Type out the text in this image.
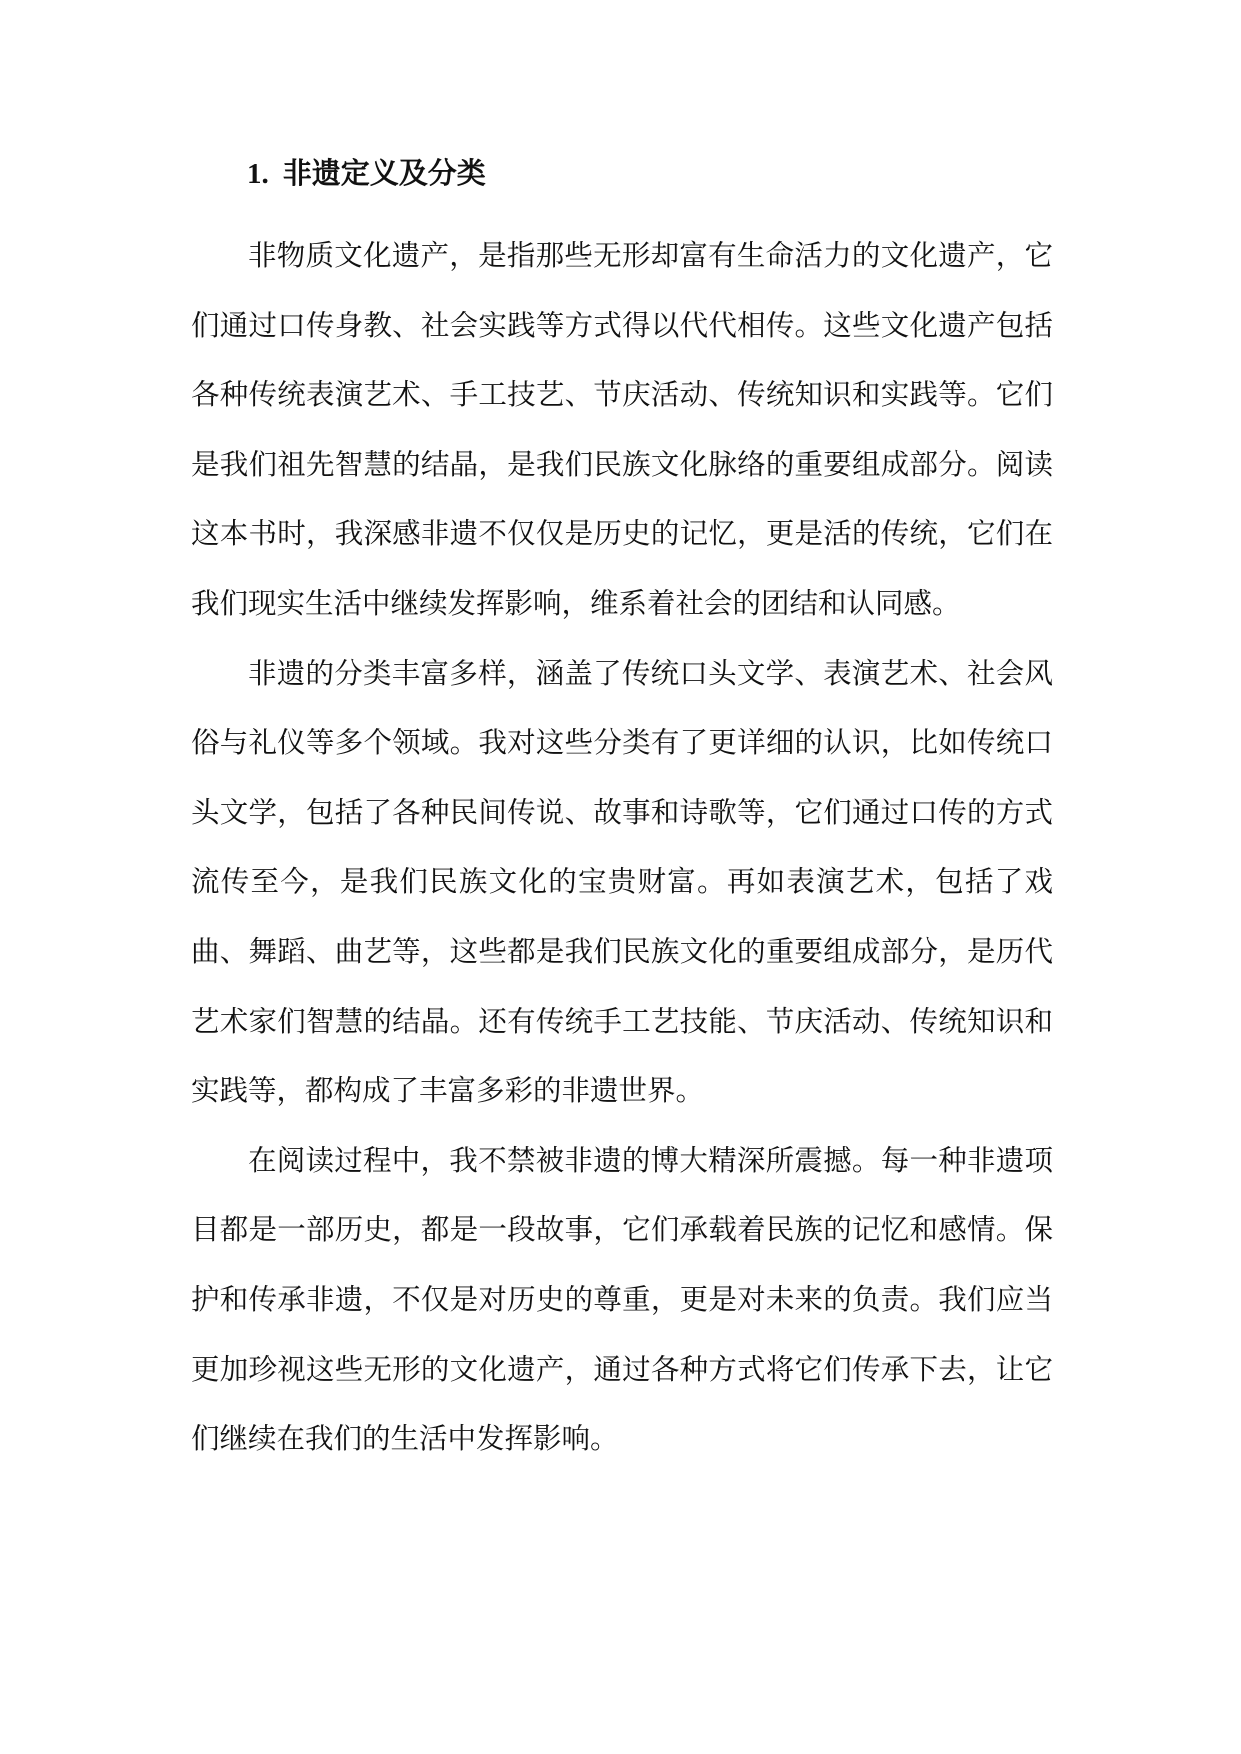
1. 非遗定义及分类

非物质文化遗产，是指那些无形却富有生命活力的文化遗产，它们通过口传身教、社会实践等方式得以代代相传。这些文化遗产包括各种传统表演艺术、手工技艺、节庆活动、传统知识和实践等。它们是我们祖先智慧的结晶，是我们民族文化脉络的重要组成部分。阅读这本书时，我深感非遗不仅仅是历史的记忆，更是活的传统，它们在我们现实生活中继续发挥影响，维系着社会的团结和认同感。

非遗的分类丰富多样，涵盖了传统口头文学、表演艺术、社会风俗与礼仪等多个领域。我对这些分类有了更详细的认识，比如传统口头文学，包括了各种民间传说、故事和诗歌等，它们通过口传的方式流传至今，是我们民族文化的宝贵财富。再如表演艺术，包括了戏曲、舞蹈、曲艺等，这些都是我们民族文化的重要组成部分，是历代艺术家们智慧的结晶。还有传统手工艺技能、节庆活动、传统知识和实践等，都构成了丰富多彩的非遗世界。

在阅读过程中，我不禁被非遗的博大精深所震撼。每一种非遗项目都是一部历史，都是一段故事，它们承载着民族的记忆和感情。保护和传承非遗，不仅是对历史的尊重，更是对未来的负责。我们应当更加珍视这些无形的文化遗产，通过各种方式将它们传承下去，让它们继续在我们的生活中发挥影响。
